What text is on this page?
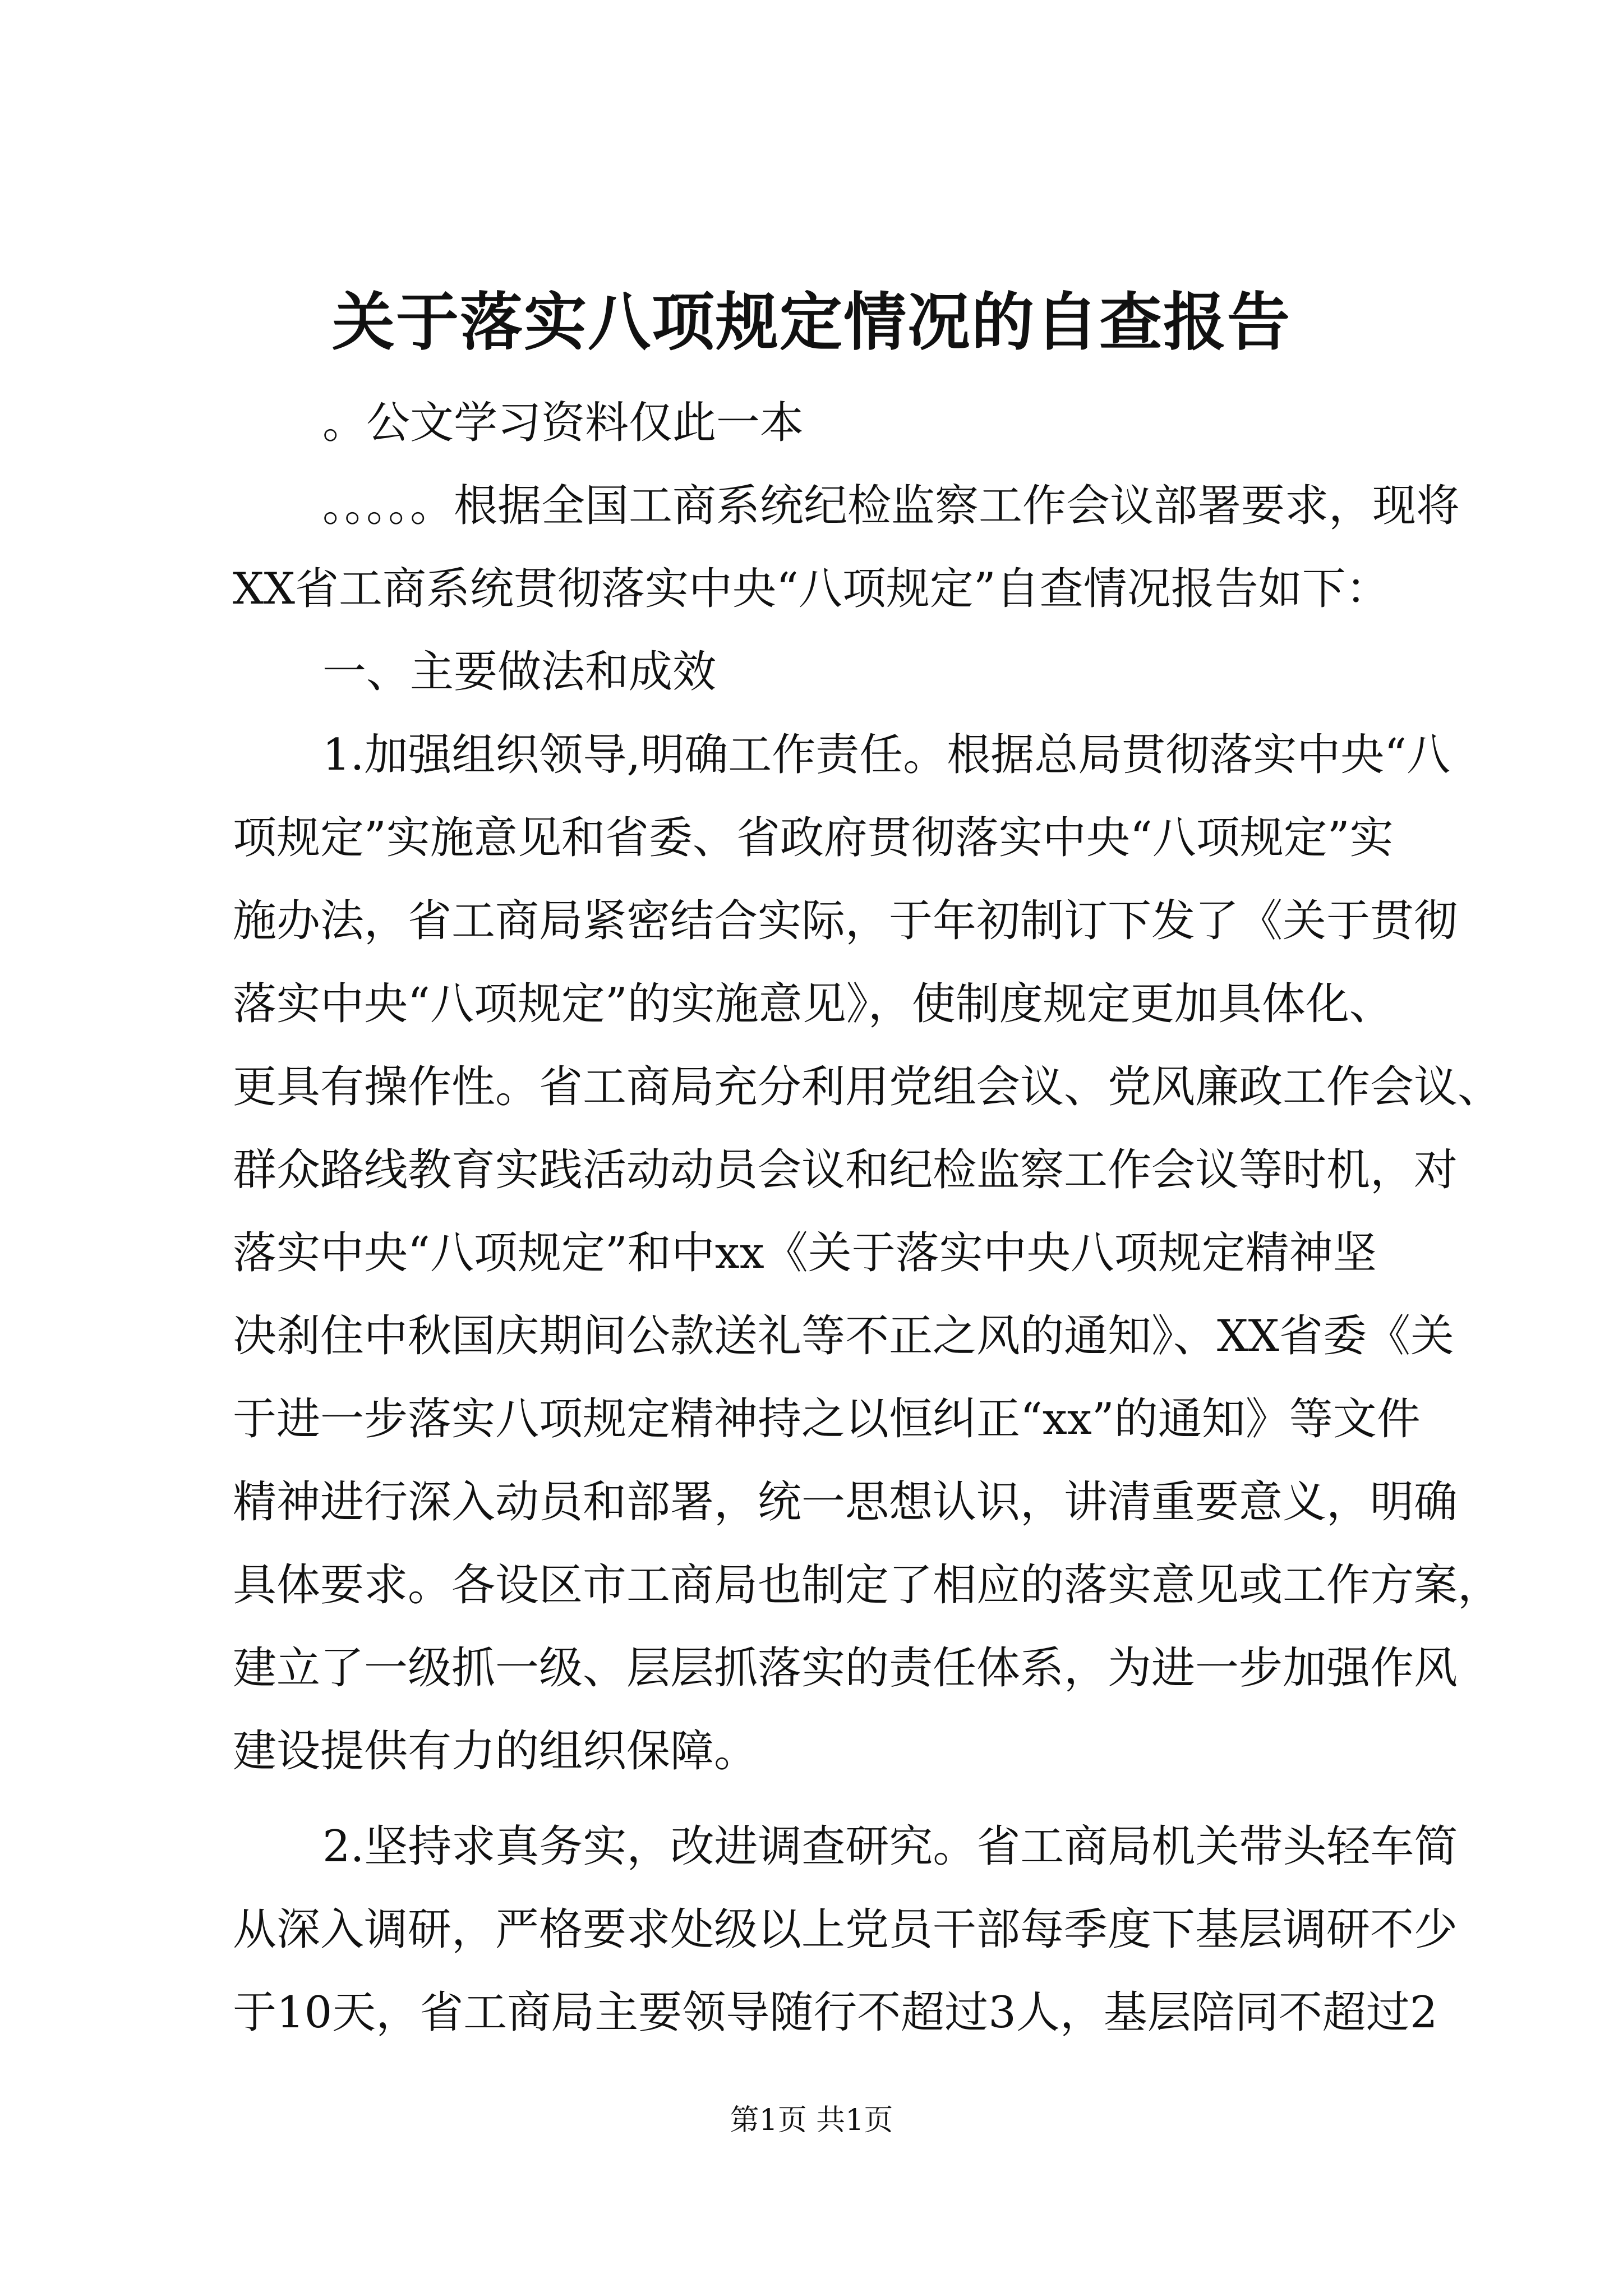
关于落实八项规定情况的自查报告
。公文学习资料仅此一本
。。。。。根据全国工商系统纪检监察工作会议部署要求，现将
XX省工商系统贯彻落实中央“八项规定”自查情况报告如下：
一、主要做法和成效
1.加强组织领导,明确工作责任。根据总局贯彻落实中央“八
项规定”实施意见和省委、省政府贯彻落实中央“八项规定”实
施办法，省工商局紧密结合实际，于年初制订下发了《关于贯彻
落实中央“八项规定”的实施意见》，使制度规定更加具体化、
更具有操作性。省工商局充分利用党组会议、党风廉政工作会议、
群众路线教育实践活动动员会议和纪检监察工作会议等时机，对
落实中央“八项规定”和中xx《关于落实中央八项规定精神坚
决刹住中秋国庆期间公款送礼等不正之风的通知》、XX省委《关
于进一步落实八项规定精神持之以恒纠正“xx”的通知》等文件
精神进行深入动员和部署，统一思想认识，讲清重要意义，明确
具体要求。各设区市工商局也制定了相应的落实意见或工作方案，
建立了一级抓一级、层层抓落实的责任体系，为进一步加强作风
建设提供有力的组织保障。
2.坚持求真务实，改进调查研究。省工商局机关带头轻车简
从深入调研，严格要求处级以上党员干部每季度下基层调研不少
于10天，省工商局主要领导随行不超过3人，基层陪同不超过2
第1页 共1页
